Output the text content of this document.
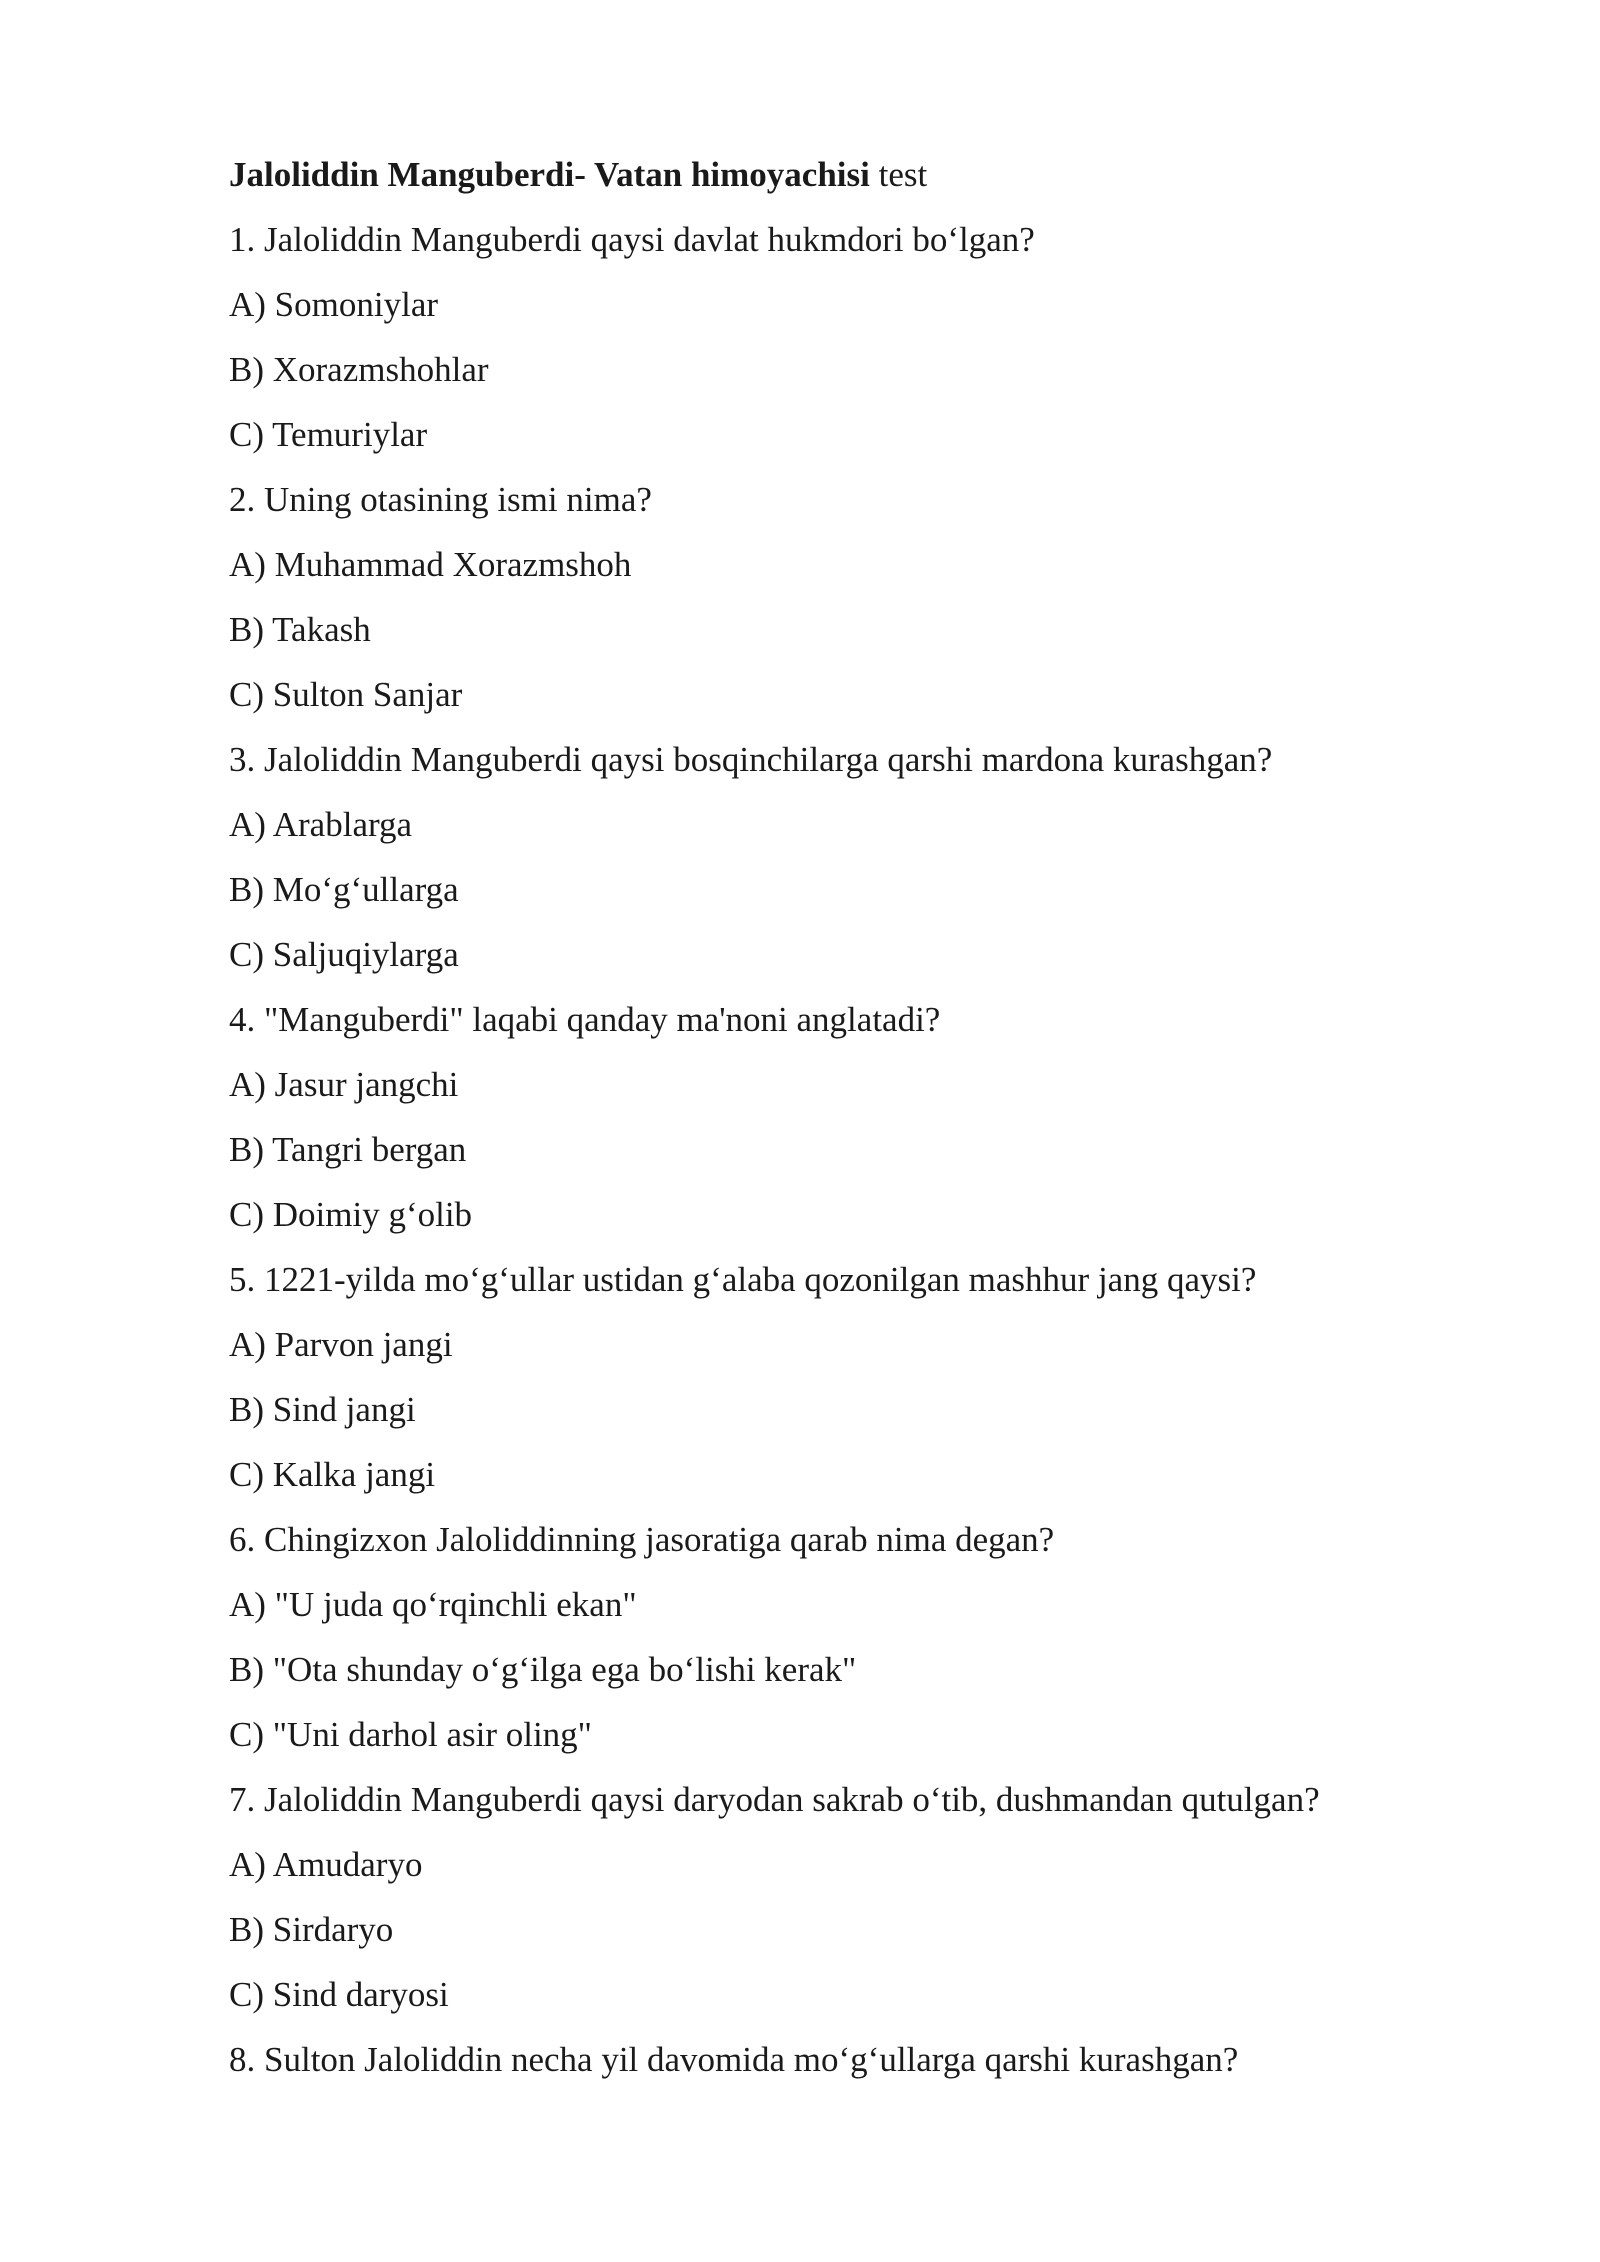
Jaloliddin Manguberdi- Vatan himoyachisi test
1. Jaloliddin Manguberdi qaysi davlat hukmdori bo‘lgan?
A) Somoniylar
B) Xorazmshohlar
C) Temuriylar
2. Uning otasining ismi nima?
A) Muhammad Xorazmshoh
B) Takash
C) Sulton Sanjar
3. Jaloliddin Manguberdi qaysi bosqinchilarga qarshi mardona kurashgan?
A) Arablarga
B) Mo‘g‘ullarga
C) Saljuqiylarga
4. "Manguberdi" laqabi qanday ma'noni anglatadi?
A) Jasur jangchi
B) Tangri bergan
C) Doimiy g‘olib
5. 1221-yilda mo‘g‘ullar ustidan g‘alaba qozonilgan mashhur jang qaysi?
A) Parvon jangi
B) Sind jangi
C) Kalka jangi
6. Chingizxon Jaloliddinning jasoratiga qarab nima degan?
A) "U juda qo‘rqinchli ekan"
B) "Ota shunday o‘g‘ilga ega bo‘lishi kerak"
C) "Uni darhol asir oling"
7. Jaloliddin Manguberdi qaysi daryodan sakrab o‘tib, dushmandan qutulgan?
A) Amudaryo
B) Sirdaryo
C) Sind daryosi
8. Sulton Jaloliddin necha yil davomida mo‘g‘ullarga qarshi kurashgan?
